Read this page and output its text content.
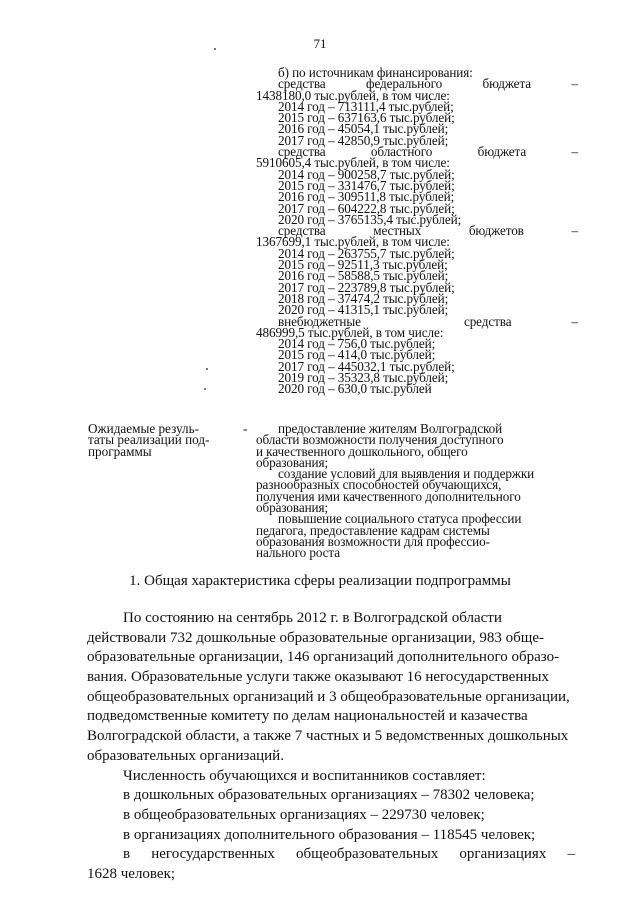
71
б) по источникам финансирования:
средства	федерального	бюджета	–
1438180,0 тыс.рублей, в том числе:
2014 год – 713111,4 тыс.рублей;
2015 год – 637163,6 тыс.рублей;
2016 год – 45054,1 тыс.рублей;
2017 год – 42850,9 тыс.рублей;
средства	областного	бюджета	–
5910605,4 тыс.рублей, в том числе:
2014 год – 900258,7 тыс.рублей;
2015 год – 331476,7 тыс.рублей;
2016 год – 309511,8 тыс.рублей;
2017 год – 604222,8 тыс.рублей;
2020 год – 3765135,4 тыс.рублей;
средства	местных	бюджетов	–
1367699,1 тыс.рублей, в том числе:
2014 год – 263755,7 тыс.рублей;
2015 год – 92511,3 тыс.рублей;
2016 год – 58588,5 тыс.рублей;
2017 год – 223789,8 тыс.рублей;
2018 год – 37474,2 тыс.рублей;
2020 год – 41315,1 тыс.рублей;
внебюджетные	средства	–
486999,5 тыс.рублей, в том числе:
2014 год – 756,0 тыс.рублей;
2015 год – 414,0 тыс.рублей;
2017 год – 445032,1 тыс.рублей;
2019 год – 35323,8 тыс.рублей;
2020 год – 630,0 тыс.рублей
Ожидаемые резуль-
таты реализации под-
программы
-	предоставление жителям Волгоградской
области возможности получения доступного
и качественного дошкольного, общего
образования;
создание условий для выявления и поддержки
разнообразных способностей обучающихся,
получения ими качественного дополнительного
образования;
повышение социального статуса профессии
педагога, предоставление кадрам системы
образования возможности для профессио-
нального роста
1. Общая характеристика сферы реализации подпрограммы
По состоянию на сентябрь 2012 г. в Волгоградской области
действовали 732 дошкольные образовательные организации, 983 обще-
образовательные организации, 146 организаций дополнительного образо-
вания. Образовательные услуги также оказывают 16 негосударственных
общеобразовательных организаций и 3 общеобразовательные организации,
подведомственные комитету по делам национальностей и казачества
Волгоградской области, а также 7 частных и 5 ведомственных дошкольных
образовательных организаций.
Численность обучающихся и воспитанников составляет:
в дошкольных образовательных организациях – 78302 человека;
в общеобразовательных организациях – 229730 человек;
в организациях дополнительного образования – 118545 человек;
в негосударственных общеобразовательных организациях –
1628 человек;
